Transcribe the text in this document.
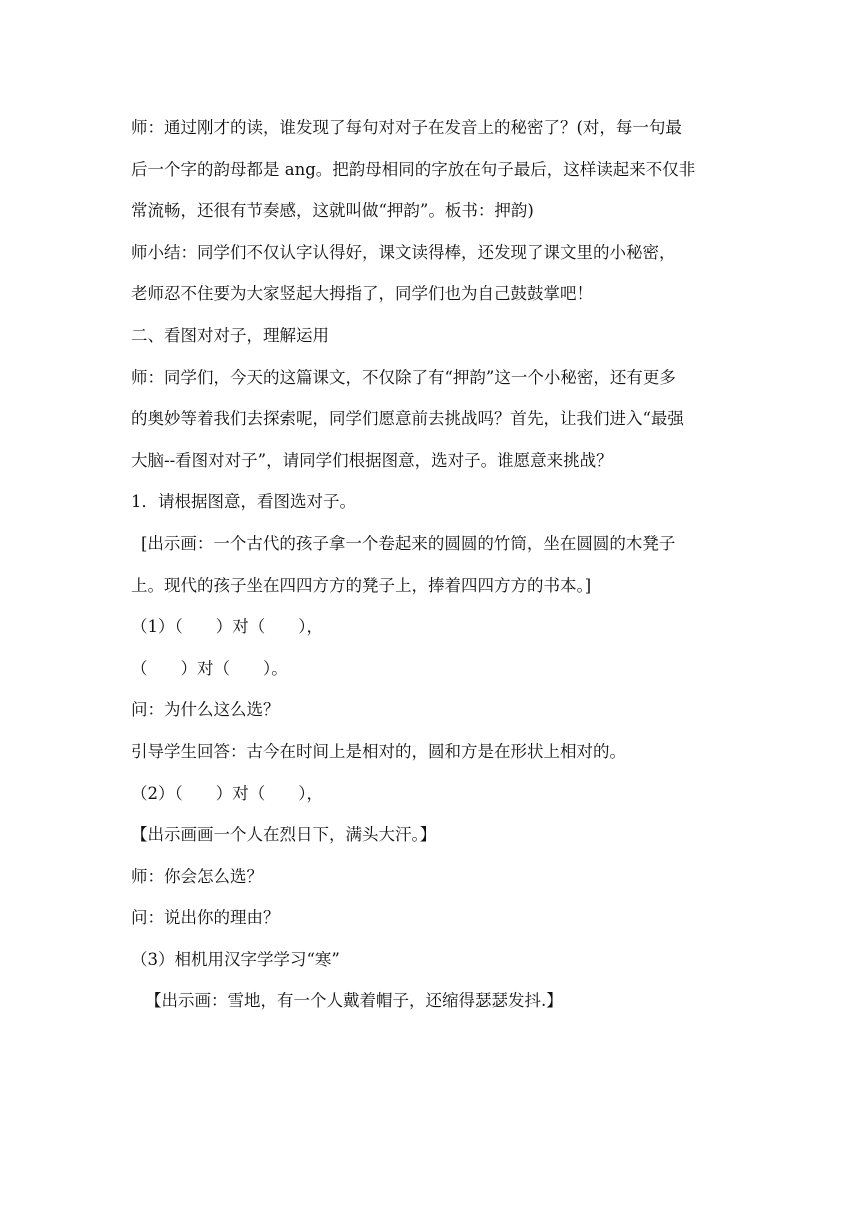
师：通过刚才的读，谁发现了每句对对子在发音上的秘密了？(对，每一句最
后一个字的韵母都是 ang。把韵母相同的字放在句子最后，这样读起来不仅非
常流畅，还很有节奏感，这就叫做“押韵”。板书：押韵)
师小结：同学们不仅认字认得好，课文读得棒，还发现了课文里的小秘密，
老师忍不住要为大家竖起大拇指了，同学们也为自己鼓鼓掌吧！
二、看图对对子，理解运用
师：同学们，今天的这篇课文，不仅除了有“押韵”这一个小秘密，还有更多
的奥妙等着我们去探索呢，同学们愿意前去挑战吗？首先，让我们进入“最强
大脑--看图对对子”，请同学们根据图意，选对子。谁愿意来挑战？
1．请根据图意，看图选对子。
[出示画：一个古代的孩子拿一个卷起来的圆圆的竹筒，坐在圆圆的木凳子
上。现代的孩子坐在四四方方的凳子上，捧着四四方方的书本。]
（1）（　　）对（　　），
（　　）对（　　）。
问：为什么这么选？
引导学生回答：古今在时间上是相对的，圆和方是在形状上相对的。
（2）（　　）对（　　），
【出示画画一个人在烈日下，满头大汗。】
师：你会怎么选？
问：说出你的理由？
（3）相机用汉字学学习“寒”
【出示画：雪地，有一个人戴着帽子，还缩得瑟瑟发抖.】
